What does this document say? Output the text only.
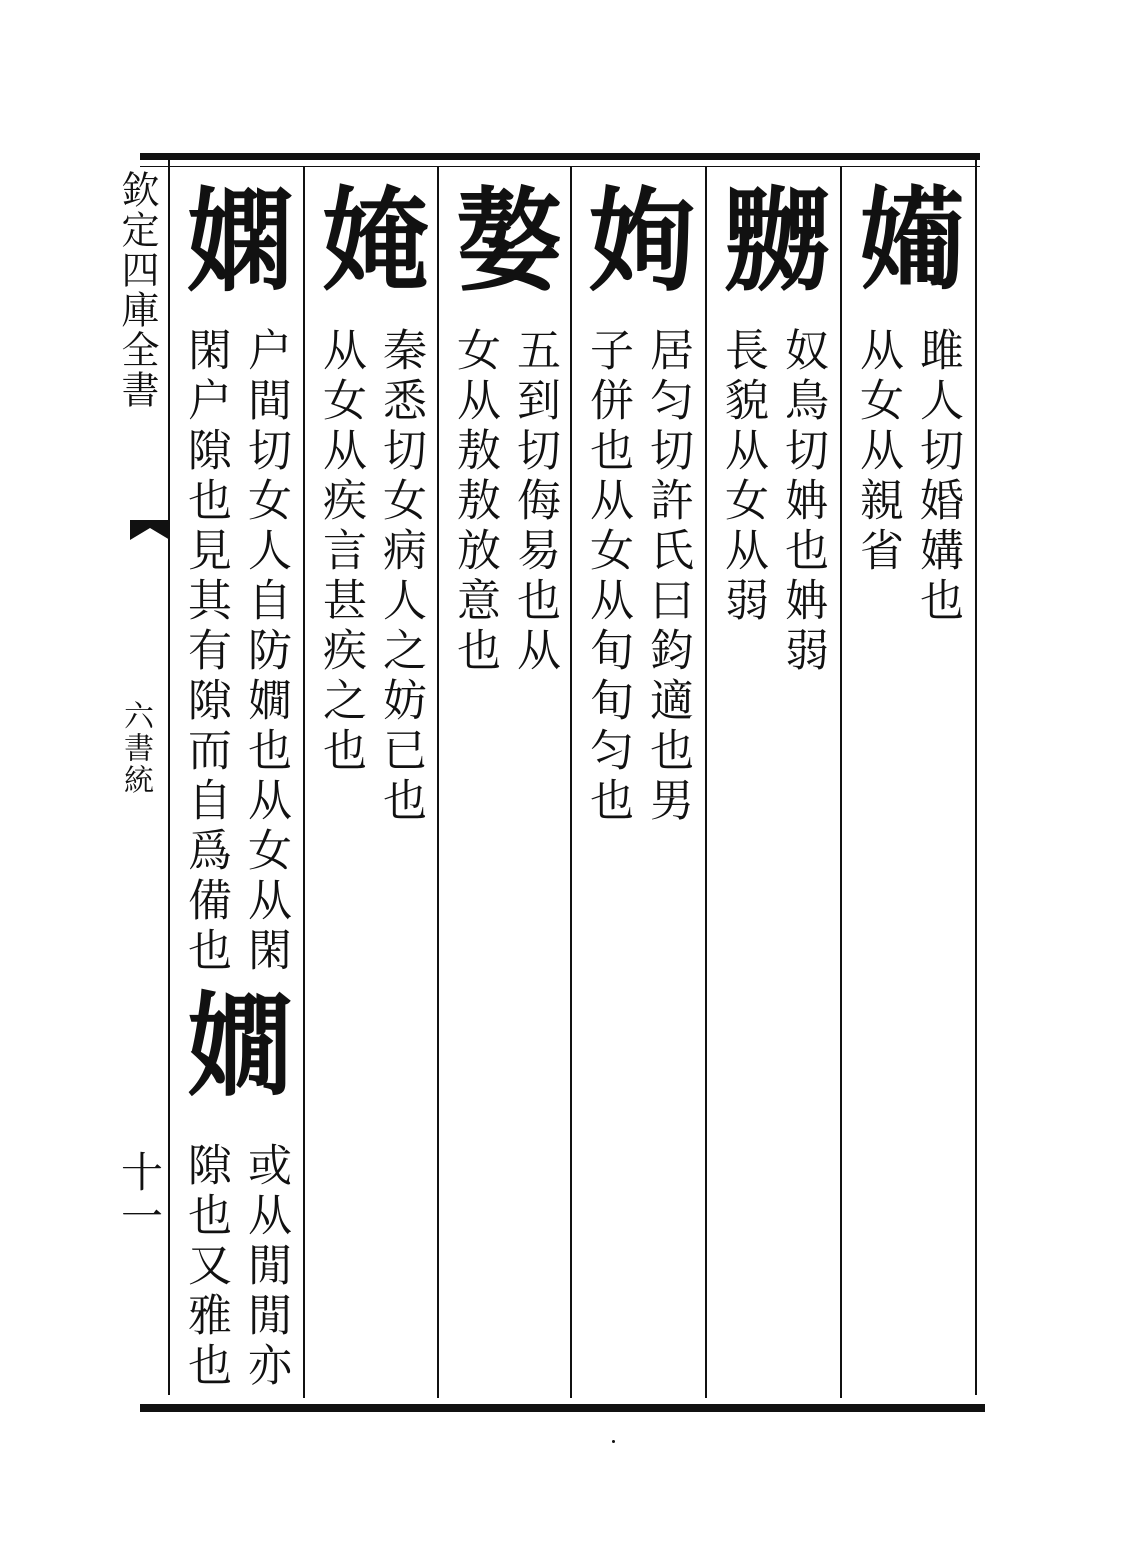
欽定四庫全書
六書統
十一
𡢼
雎人切婚媾也
从女从親省
嬲
奴鳥切姌也姌弱
長貌从女从弱
姰
居匀切許氏曰鈞適也男
子併也从女从旬旬匀也
嫯
五到切侮易也从
女从敖敖放意也
㛪
秦悉切女病人之妨已也
从女从疾言甚疾之也
嫻
户間切女人自防嫺也从女从閑
閑户隙也見其有隙而自爲備也
嫺
或从閒閒亦
隙也又雅也
